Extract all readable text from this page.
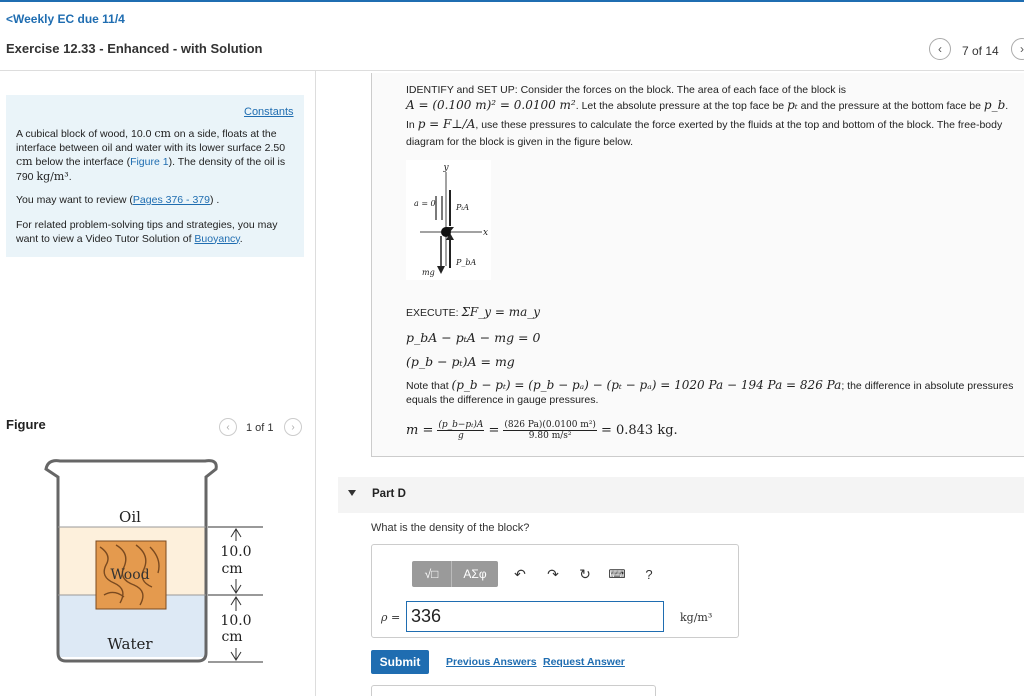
<Weekly EC due 11/4
Exercise 12.33 - Enhanced - with Solution	‹ 7 of 14 ›
Constants
A cubical block of wood, 10.0 cm on a side, floats at the interface between oil and water with its lower surface 2.50 cm below the interface (Figure 1). The density of the oil is 790 kg/m³.
You may want to review (Pages 376 - 379) .
For related problem-solving tips and strategies, you may want to view a Video Tutor Solution of Buoyancy.
Figure	‹ 1 of 1 ›
Oil
Wood
Water
10.0
cm
10.0
cm
IDENTIFY and SET UP: Consider the forces on the block. The area of each face of the block is
A = (0.100 m)² = 0.0100 m². Let the absolute pressure at the top face be pₜ and the pressure at the bottom face be p_b.
In p = F⊥/A, use these pressures to calculate the force exerted by the fluids at the top and bottom of the block. The free-body
diagram for the block is given in the figure below.
y
x
a = 0	PₜA
P_bA
mg
EXECUTE: ΣF_y = ma_y
p_bA − pₜA − mg = 0
(p_b − pₜ)A = mg
Note that (p_b − pₜ) = (p_b − pₐ) − (pₜ − pₐ) = 1020 Pa − 194 Pa = 826 Pa; the difference in absolute pressures
equals the difference in gauge pressures.
$m = \frac{\text{(p\_b−pₜ)A}}{g} = \frac{\text{(826 Pa)(0.0100 m²)}}{\text{9.80 m/s²}} = 0.843$ kg.
Part D
What is the density of the block?
√□ ΑΣφ ↶ ↷ ↻	⌨	?
ρ =
336	kg/m³
Submit	Previous Answers Request Answer
